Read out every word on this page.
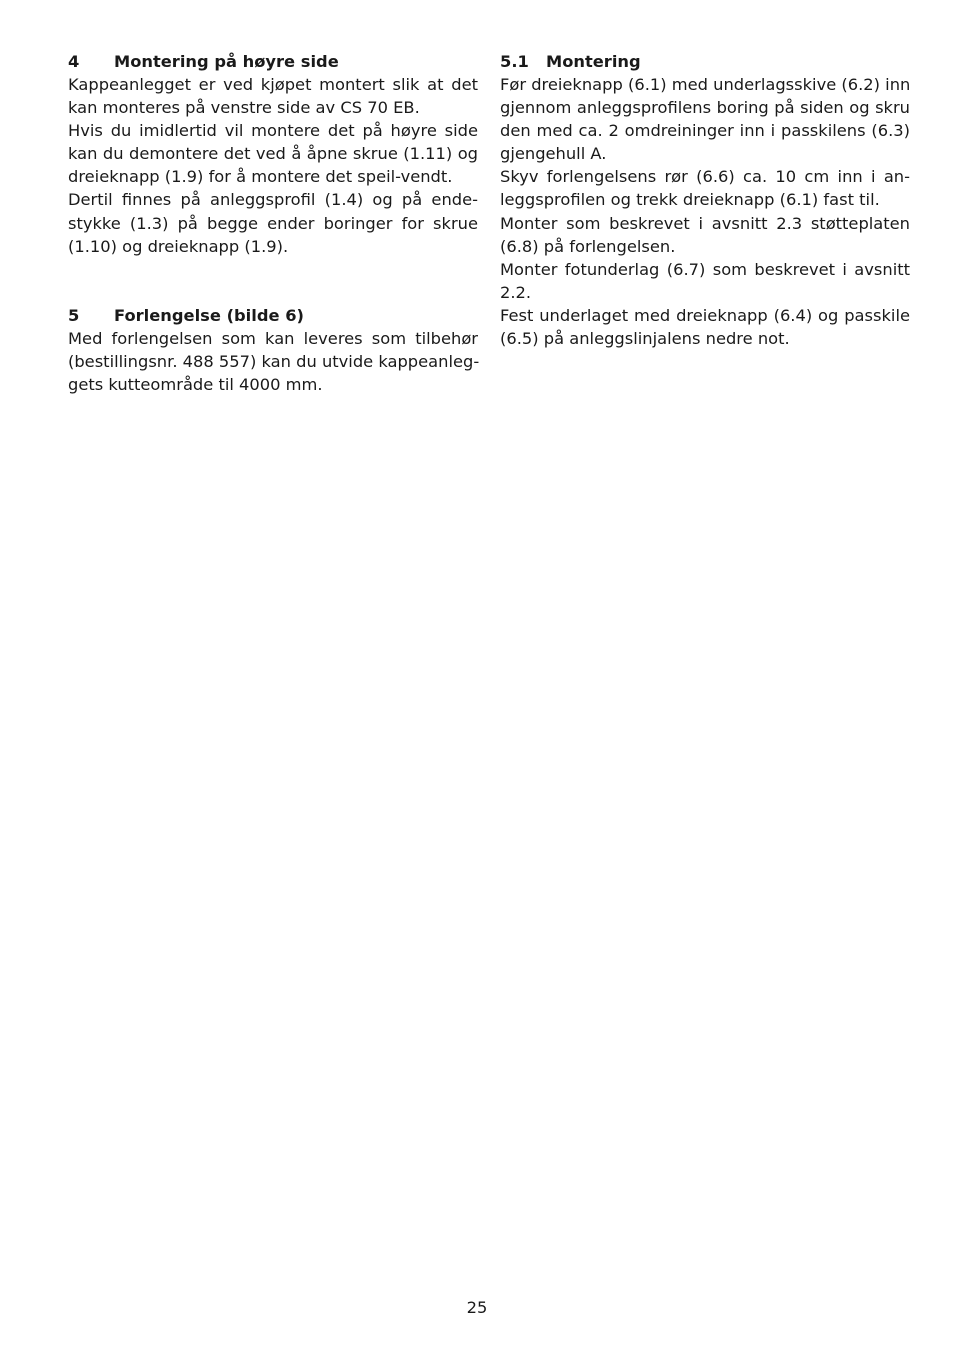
4	Montering på høyre side

Kappeanlegget er ved kjøpet montert slik at det
kan monteres på venstre side av CS 70 EB.

Hvis du imidlertid vil montere det på høyre side
kan du demontere det ved å åpne skrue (1.11) og
dreieknapp (1.9) for å montere det speil-vendt.

Dertil finnes på anleggsprofil (1.4) og på ende-
stykke (1.3) på begge ender boringer for skrue
(1.10) og dreieknapp (1.9).

5	Forlengelse (bilde 6)

Med forlengelsen som kan leveres som tilbehør
(bestillingsnr. 488 557) kan du utvide kappeanleg-
gets kutteområde til 4000 mm.

5.1	Montering

Før dreieknapp (6.1) med underlagsskive (6.2) inn
gjennom anleggsprofilens boring på siden og skru
den med ca. 2 omdreininger inn i passkilens (6.3)
gjengehull A.

Skyv forlengelsens rør (6.6) ca. 10 cm inn i an-
leggsprofilen og trekk dreieknapp (6.1) fast til.

Monter som beskrevet i avsnitt 2.3 støtteplaten
(6.8) på forlengelsen.

Monter fotunderlag (6.7) som beskrevet i avsnitt
2.2.

Fest underlaget med dreieknapp (6.4) og passkile
(6.5) på anleggslinjalens nedre not.

25
